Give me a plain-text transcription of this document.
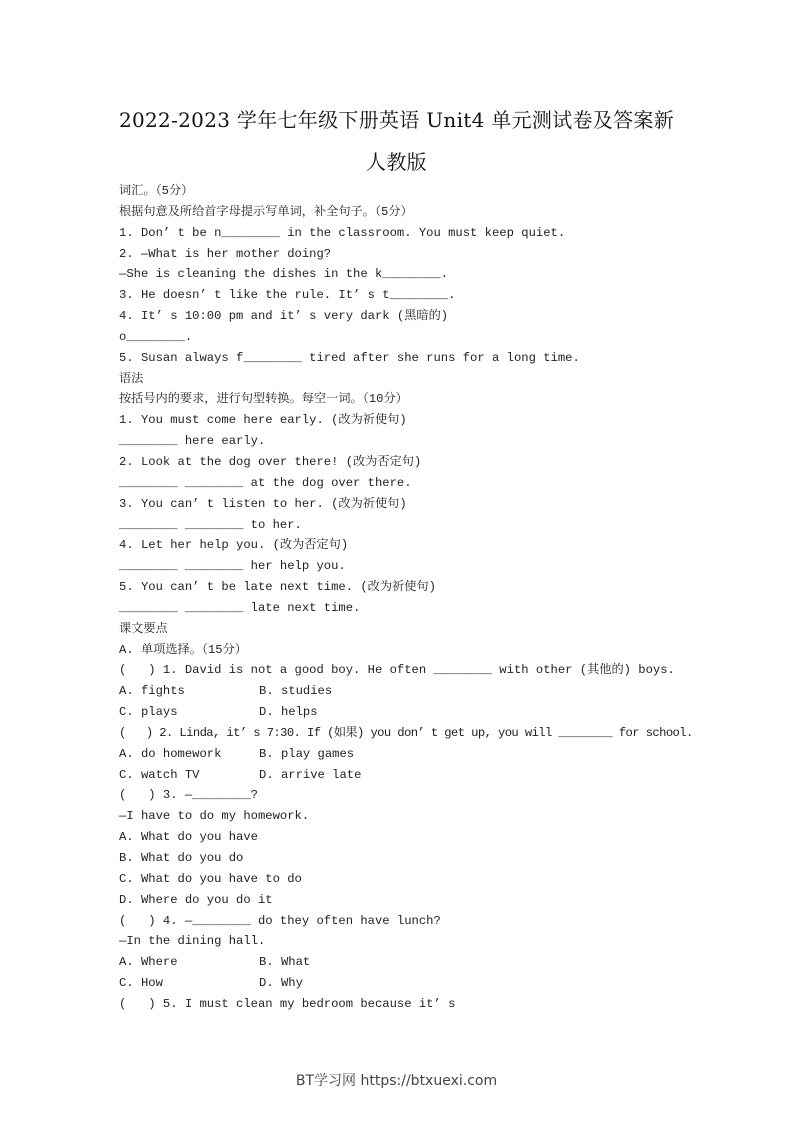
2022-2023 学年七年级下册英语 Unit4 单元测试卷及答案新
人教版
词汇。（5分）
根据句意及所给首字母提示写单词，补全句子。（5分）
1. Don’ t be n________ in the classroom. You must keep quiet.
2. —What is her mother doing?
—She is cleaning the dishes in the k________.
3. He doesn’ t like the rule. It’ s t________.
4. It’ s 10:00 pm and it’ s very dark (黑暗的)
o________.
5. Susan always f________ tired after she runs for a long time.
语法
按括号内的要求，进行句型转换。每空一词。（10分）
1. You must come here early. (改为祈使句)
________ here early.
2. Look at the dog over there! (改为否定句)
________ ________ at the dog over there.
3. You can’ t listen to her. (改为祈使句)
________ ________ to her.
4. Let her help you. (改为否定句)
________ ________ her help you.
5. You can’ t be late next time. (改为祈使句)
________ ________ late next time.
课文要点
A. 单项选择。（15分）
(   ) 1. David is not a good boy. He often ________ with other (其他的) boys.
A. fights	B. studies
C. plays	D. helps
(   ) 2. Linda, it’ s 7:30. If (如果) you don’ t get up, you will ________ for school.
A. do homework	B. play games
C. watch TV	D. arrive late
(   ) 3. —________?
—I have to do my homework.
A. What do you have
B. What do you do
C. What do you have to do
D. Where do you do it
(   ) 4. —________ do they often have lunch?
—In the dining hall.
A. Where	B. What
C. How	D. Why
(   ) 5. I must clean my bedroom because it’ s
BT学习网 https://btxuexi.com
